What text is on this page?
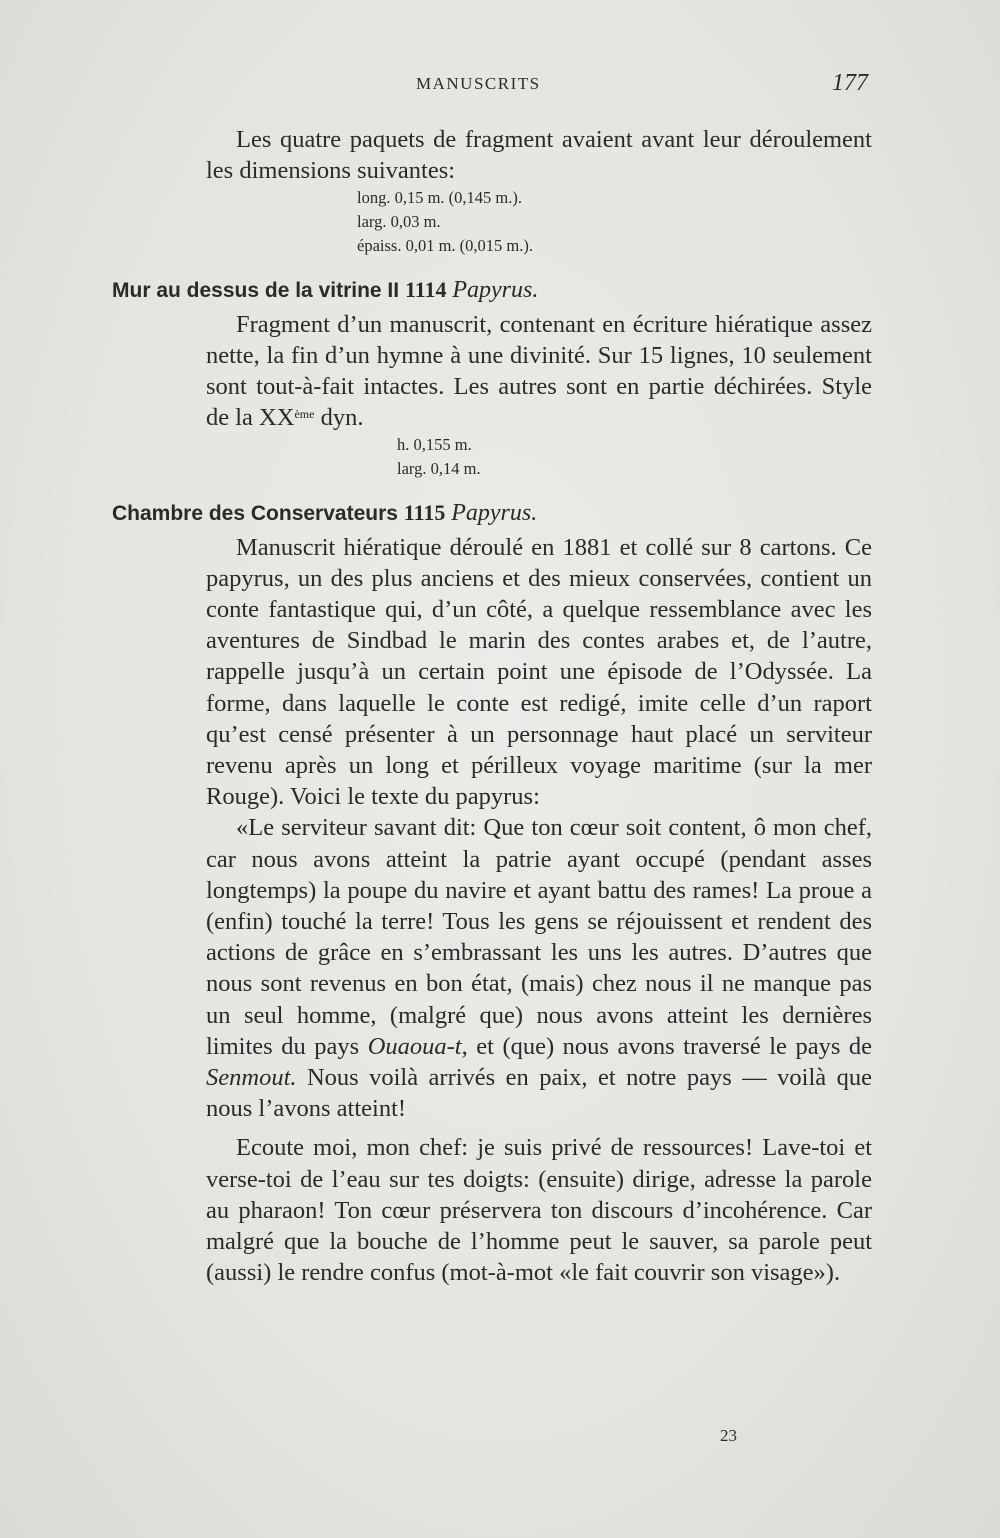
MANUSCRITS	177

Les quatre paquets de fragment avaient avant leur déroulement les dimensions suivantes:

long. 0,15 m. (0,145 m.).
larg. 0,03 m.
épaiss. 0,01 m. (0,015 m.).
Mur au dessus de la vitrine II 1114 Papyrus.

Fragment d’un manuscrit, contenant en écriture hiératique assez nette, la fin d’un hymne à une divinité. Sur 15 lignes, 10 seulement sont tout-à-fait intactes. Les autres sont en partie déchirées. Style de la XXème dyn.

h. 0,155 m.
larg. 0,14 m.
Chambre des Conservateurs 1115 Papyrus.

Manuscrit hiératique déroulé en 1881 et collé sur 8 cartons. Ce papyrus, un des plus anciens et des mieux conservées, contient un conte fantastique qui, d’un côté, a quelque ressemblance avec les aventures de Sindbad le marin des contes arabes et, de l’autre, rappelle jusqu’à un certain point une épisode de l’Odyssée. La forme, dans laquelle le conte est redigé, imite celle d’un raport qu’est censé présenter à un personnage haut placé un serviteur revenu après un long et périlleux voyage maritime (sur la mer Rouge). Voici le texte du papyrus:

«Le serviteur savant dit: Que ton cœur soit content, ô mon chef, car nous avons atteint la patrie ayant occupé (pendant asses longtemps) la poupe du navire et ayant battu des rames! La proue a (enfin) touché la terre! Tous les gens se réjouissent et rendent des actions de grâce en s’embrassant les uns les autres. D’autres que nous sont revenus en bon état, (mais) chez nous il ne manque pas un seul homme, (malgré que) nous avons atteint les dernières limites du pays Ouaoua-t, et (que) nous avons traversé le pays de Senmout. Nous voilà arrivés en paix, et notre pays — voilà que nous l’avons atteint!

Ecoute moi, mon chef: je suis privé de ressources! Lave-toi et verse-toi de l’eau sur tes doigts: (ensuite) dirige, adresse la parole au pharaon! Ton cœur préservera ton discours d’incohérence. Car malgré que la bouche de l’homme peut le sauver, sa parole peut (aussi) le rendre confus (mot-à-mot «le fait couvrir son visage»).

23
